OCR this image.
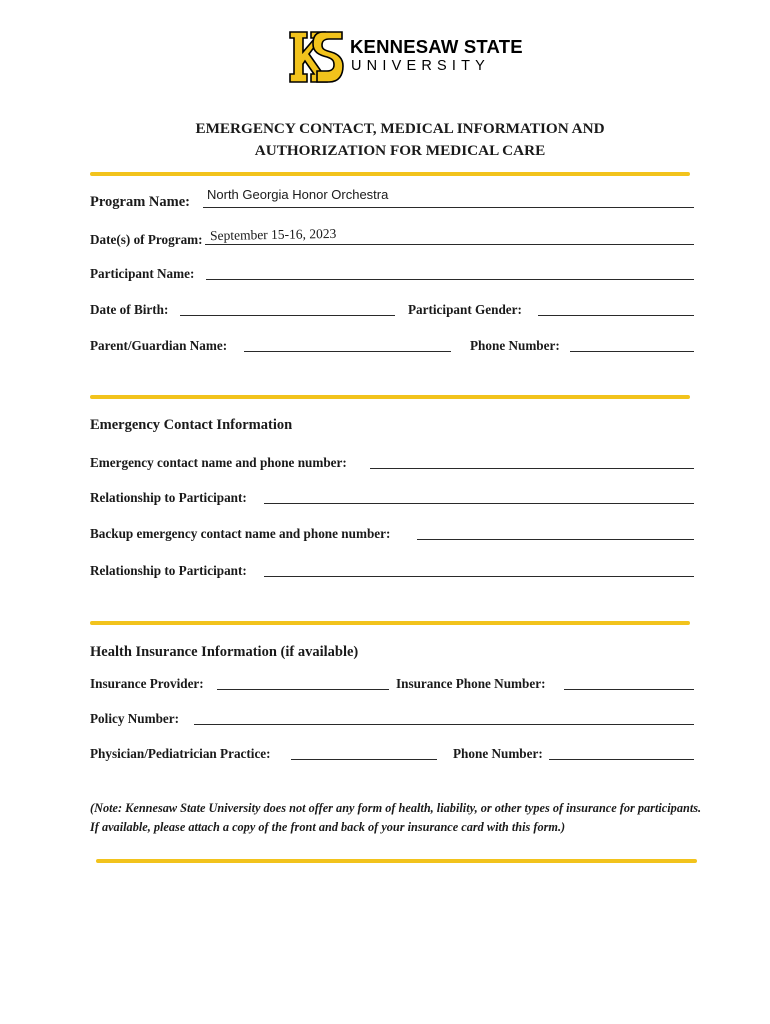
KENNESAW STATE
UNIVERSITY
EMERGENCY CONTACT, MEDICAL INFORMATION AND
AUTHORIZATION FOR MEDICAL CARE
Program Name: North Georgia Honor Orchestra
Date(s) of Program: September 15-16, 2023
Participant Name:
Date of Birth:	Participant Gender:
Parent/Guardian Name:	Phone Number:
Emergency Contact Information
Emergency contact name and phone number:
Relationship to Participant:
Backup emergency contact name and phone number:
Relationship to Participant:
Health Insurance Information (if available)
Insurance Provider:	Insurance Phone Number:
Policy Number:
Physician/Pediatrician Practice:	Phone Number:
(Note: Kennesaw State University does not offer any form of health, liability, or other types of insurance for participants.
If available, please attach a copy of the front and back of your insurance card with this form.)
